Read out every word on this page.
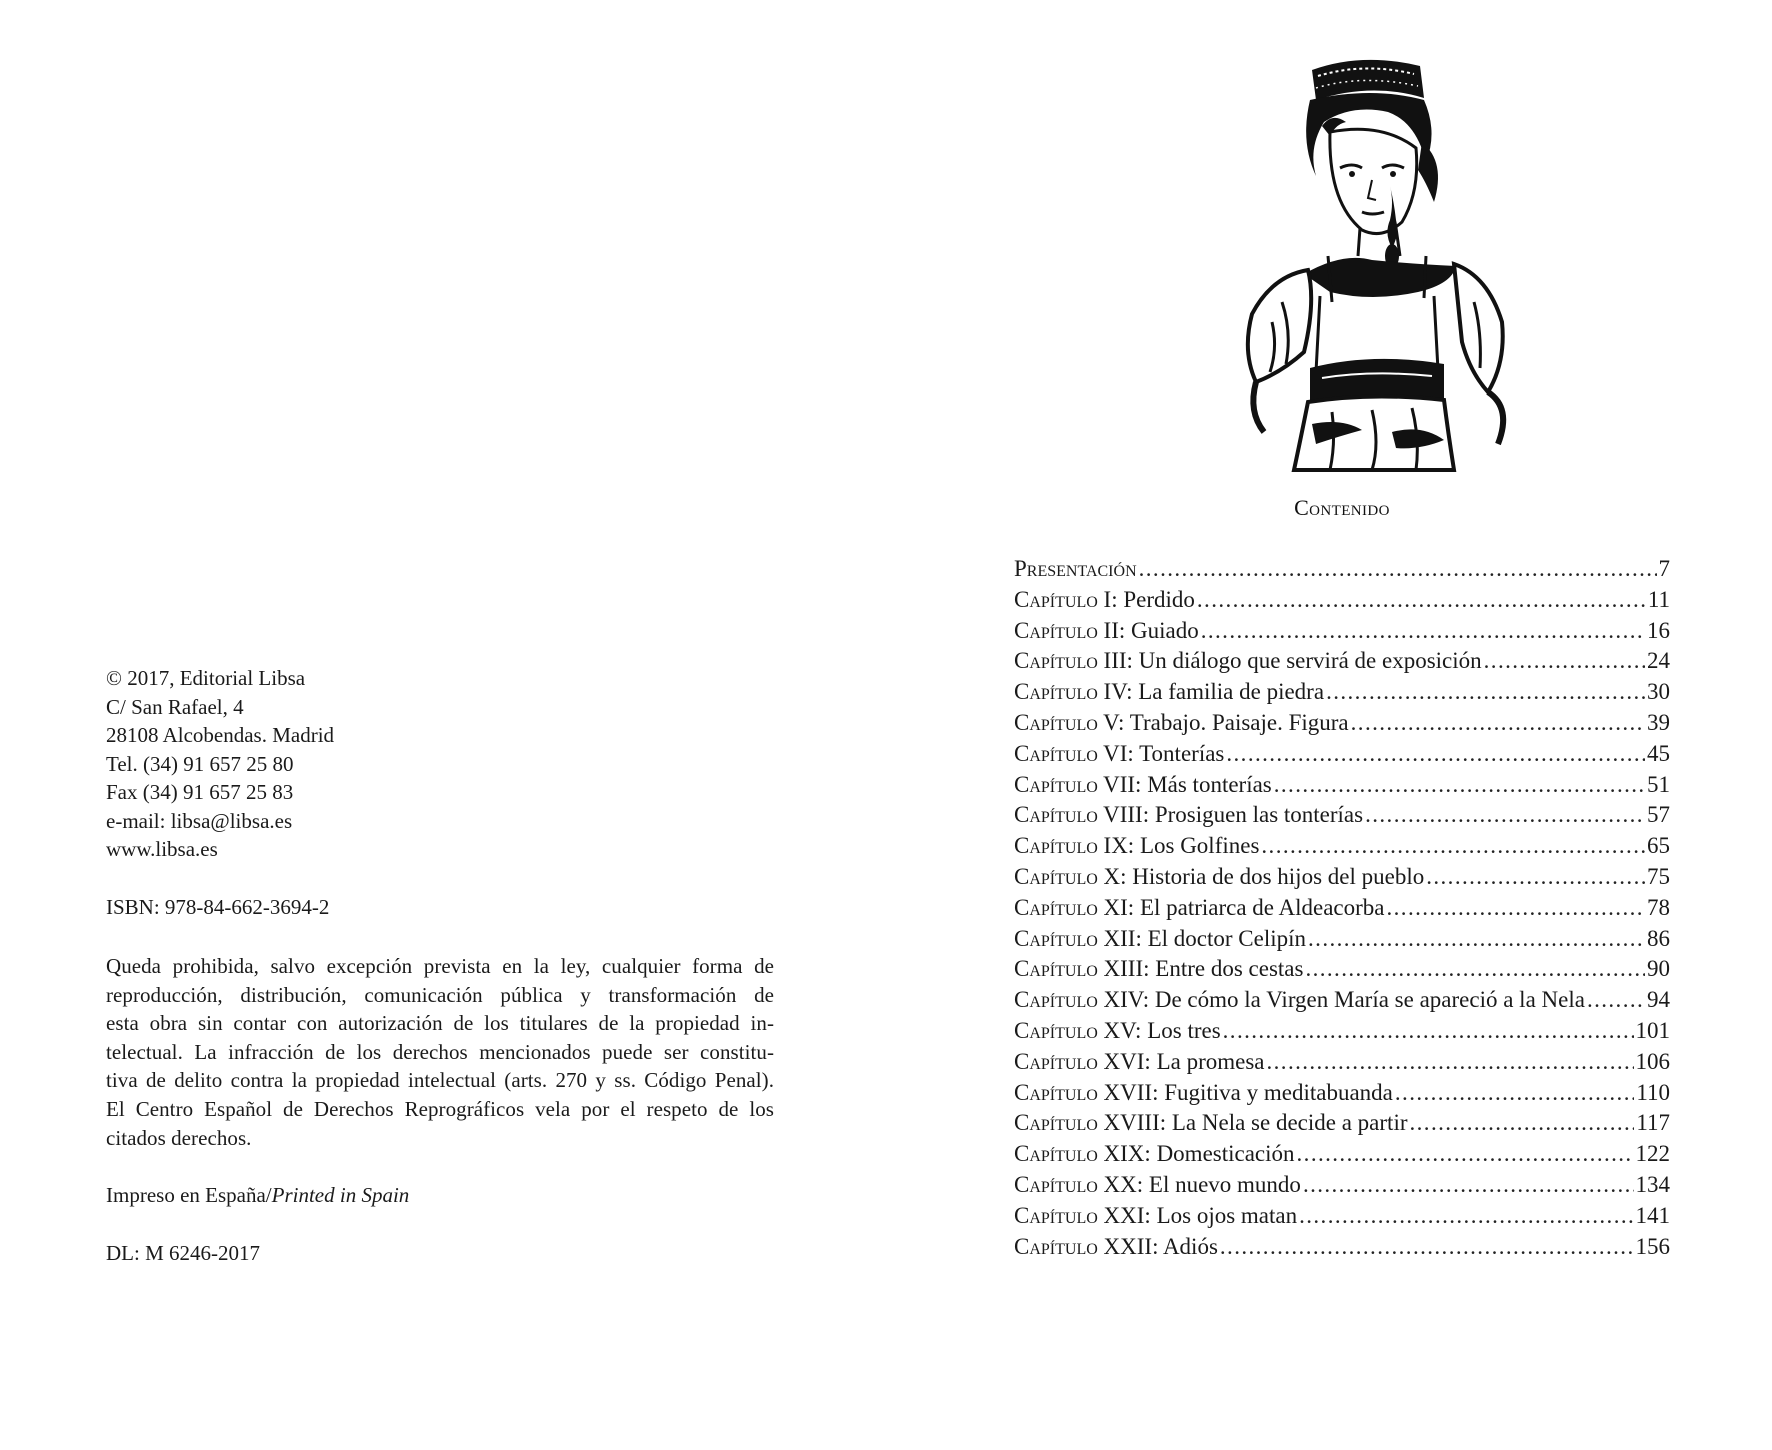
© 2017, Editorial Libsa
C/ San Rafael, 4
28108 Alcobendas. Madrid
Tel. (34) 91 657 25 80
Fax (34) 91 657 25 83
e-mail: libsa@libsa.es
www.libsa.es
ISBN: 978-84-662-3694-2
Queda prohibida, salvo excepción prevista en la ley, cualquier forma de
reproducción, distribución, comunicación pública y transformación de
esta obra sin contar con autorización de los titulares de la propiedad in-
telectual. La infracción de los derechos mencionados puede ser constitu-
tiva de delito contra la propiedad intelectual (arts. 270 y ss. Código Penal).
El Centro Español de Derechos Reprográficos vela por el respeto de los
citados derechos.
Impreso en España/Printed in Spain
DL: M 6246-2017
Contenido
Presentación .....	7
Capítulo I: Perdido .....	11
Capítulo II: Guiado .....	16
Capítulo III: Un diálogo que servirá de exposición .....	24
Capítulo IV: La familia de piedra .....	30
Capítulo V: Trabajo. Paisaje. Figura .....	39
Capítulo VI: Tonterías .....	45
Capítulo VII: Más tonterías .....	51
Capítulo VIII: Prosiguen las tonterías .....	57
Capítulo IX: Los Golfines .....	65
Capítulo X: Historia de dos hijos del pueblo .....	75
Capítulo XI: El patriarca de Aldeacorba .....	78
Capítulo XII: El doctor Celipín .....	86
Capítulo XIII: Entre dos cestas .....	90
Capítulo XIV: De cómo la Virgen María se apareció a la Nela .....	94
Capítulo XV: Los tres .....	101
Capítulo XVI: La promesa .....	106
Capítulo XVII: Fugitiva y meditabuanda .....	110
Capítulo XVIII: La Nela se decide a partir .....	117
Capítulo XIX: Domesticación .....	122
Capítulo XX: El nuevo mundo .....	134
Capítulo XXI: Los ojos matan .....	141
Capítulo XXII: Adiós .....	156
